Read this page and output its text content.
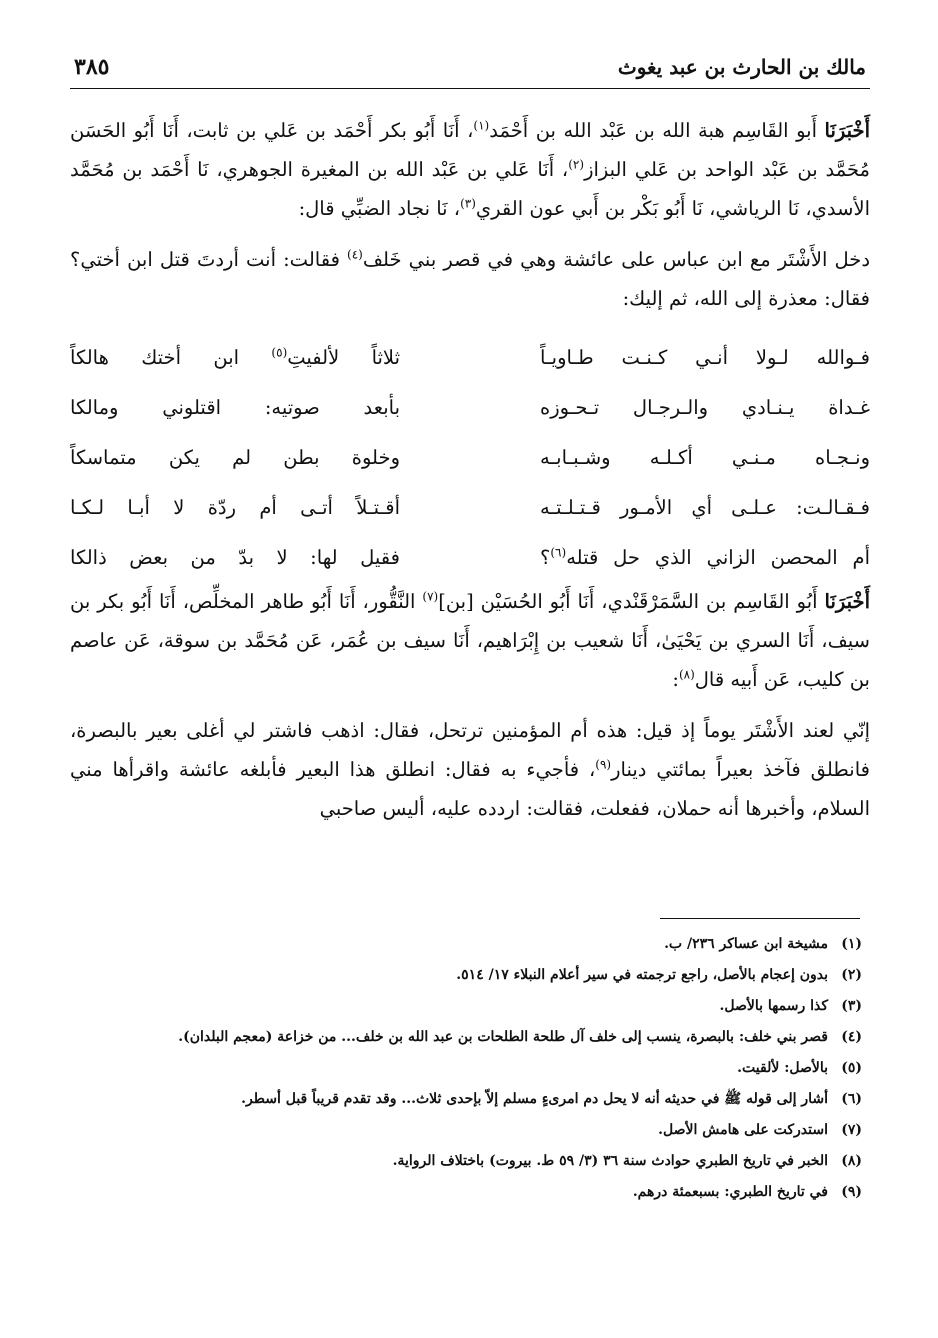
مالك بن الحارث بن عبد يغوث
٣٨٥

أَخْبَرَنَا أَبو القَاسِم هبة الله بن عَبْد الله بن أَحْمَد$^{(١)}$، أَنَا أَبُو بكر أَحْمَد بن عَلي بن ثابت، أَنَا أَبُو الحَسَن مُحَمَّد بن عَبْد الواحد بن عَلي البزاز$^{(٢)}$، أَنَا عَلي بن عَبْد الله بن المغيرة الجوهري، نَا أَحْمَد بن مُحَمَّد الأسدي، نَا الرياشي، نَا أَبُو بَكْر بن أَبي عون القري$^{(٣)}$، نَا نجاد الضبِّي قال:

دخل الأَشْتَر مع ابن عباس على عائشة وهي في قصر بني خَلف$^{(٤)}$ فقالت: أنت أردتَ قتل ابن أختي؟ فقال: معذرة إلى الله، ثم إليك:

فـوالله لـولا أنـي كـنـت طـاويـاً
ثلاثاً لألفيتِ$^{(٥)}$ ابن أختك هالكاً
غـداة يـنـادي والـرجـال تـحـوزه
بأبعد صوتيه: اقتلوني ومالكا
ونـجـاه مـنـي أكـلـه وشـبـابـه
وخلوة بطن لم يكن متماسكاً
فـقـالـت: عـلـى أي الأمـور قـتـلـتـه
أقـتـلاً أتـى أم ردّة لا أبـا لـكـا
أم المحصن الزاني الذي حل قتله$^{(٦)}$؟
فقيل لها: لا بدّ من بعض ذالكا

أَخْبَرَنَا أَبُو القَاسِم بن السَّمَرْقَنْدي، أَنَا أَبُو الحُسَيْن [بن]$^{(٧)}$ النَّقُّور، أَنَا أَبُو طاهر المخلِّص، أَنَا أَبُو بكر بن سيف، أَنَا السري بن يَحْيَىٰ، أَنَا شعيب بن إِبْرَاهيم، أَنَا سيف بن عُمَر، عَن مُحَمَّد بن سوقة، عَن عاصم بن كليب، عَن أَبيه قال$^{(٨)}$:

إنّي لعند الأَشْتَر يوماً إذ قيل: هذه أم المؤمنين ترتحل، فقال: اذهب فاشتر لي أغلى بعير بالبصرة، فانطلق فآخذ بعيراً بمائتي دينار$^{(٩)}$، فأجيء به فقال: انطلق هذا البعير فأبلغه عائشة واقرأها مني السلام، وأخبرها أنه حملان، ففعلت، فقالت: اردده عليه، أليس صاحبي

(١)
مشيخة ابن عساكر ٢٣٦/ ب.
(٢)
بدون إعجام بالأصل، راجع ترجمته في سير أعلام النبلاء ١٧/ ٥١٤.
(٣)
كذا رسمها بالأصل.
(٤)
قصر بني خلف: بالبصرة، ينسب إلى خلف آل طلحة الطلحات بن عبد الله بن خلف... من خزاعة (معجم البلدان).
(٥)
بالأصل: لألقيت.
(٦)
أشار إلى قوله ﷺ في حديثه أنه لا يحل دم امرىءٍ مسلم إلاّ بإحدى ثلاث... وقد تقدم قريباً قبل أسطر.
(٧)
استدركت على هامش الأصل.
(٨)
الخبر في تاريخ الطبري حوادث سنة ٣٦ (٣/ ٥٩ ط. بيروت) باختلاف الرواية.
(٩)
في تاريخ الطبري: بسبعمئة درهم.
